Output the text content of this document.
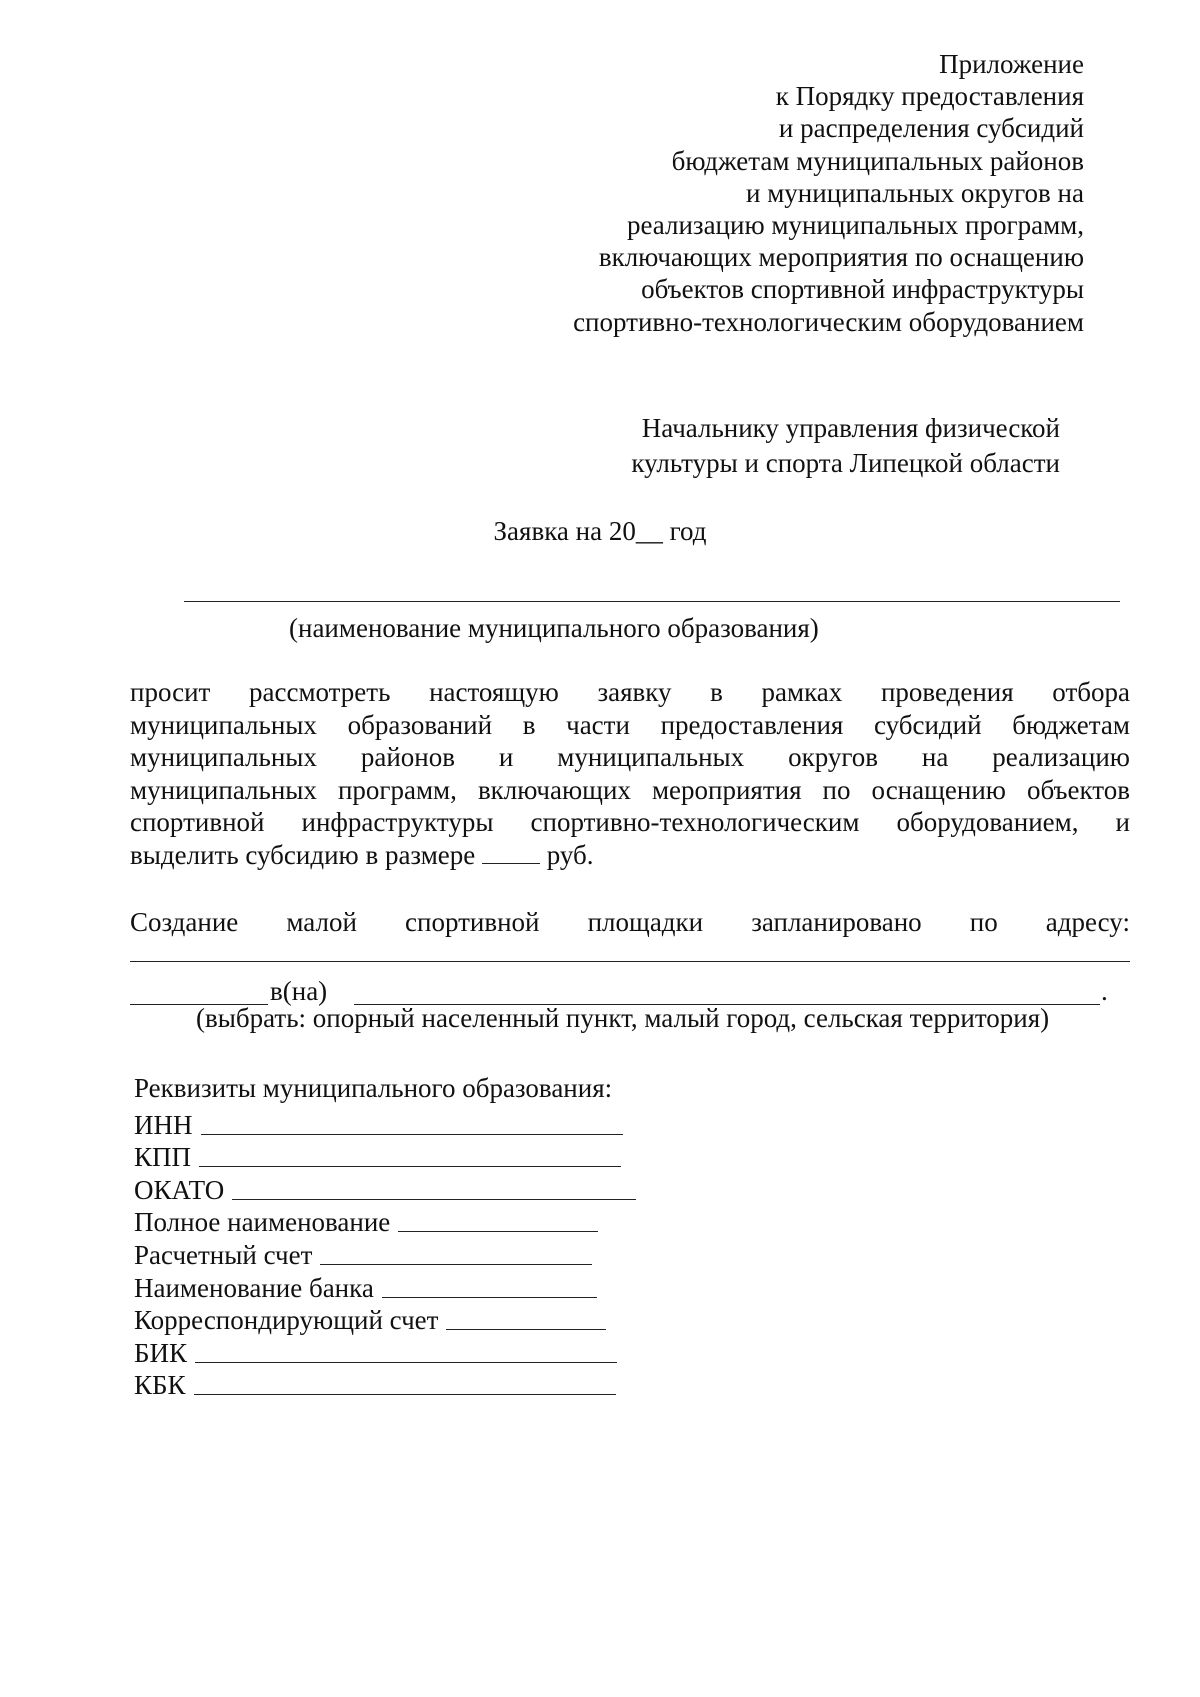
Приложение
к Порядку предоставления
и распределения субсидий
бюджетам муниципальных районов
и муниципальных округов на
реализацию муниципальных программ,
включающих мероприятия по оснащению
объектов спортивной инфраструктуры
спортивно-технологическим оборудованием
Начальнику управления физической
культуры и спорта Липецкой области
Заявка на 20__ год
(наименование муниципального образования)
просит рассмотреть настоящую заявку в рамках проведения отбора
муниципальных образований в части предоставления субсидий бюджетам
муниципальных районов и муниципальных округов на реализацию
муниципальных программ, включающих мероприятия по оснащению объектов
спортивной инфраструктуры спортивно-технологическим оборудованием, и
выделить субсидию в размере	руб.
Создание малой спортивной площадки запланировано по адресу:
в(на)	.
(выбрать: опорный населенный пункт, малый город, сельская территория)
Реквизиты муниципального образования:
ИНН
КПП
ОКАТО
Полное наименование
Расчетный счет
Наименование банка
Корреспондирующий счет
БИК
КБК
